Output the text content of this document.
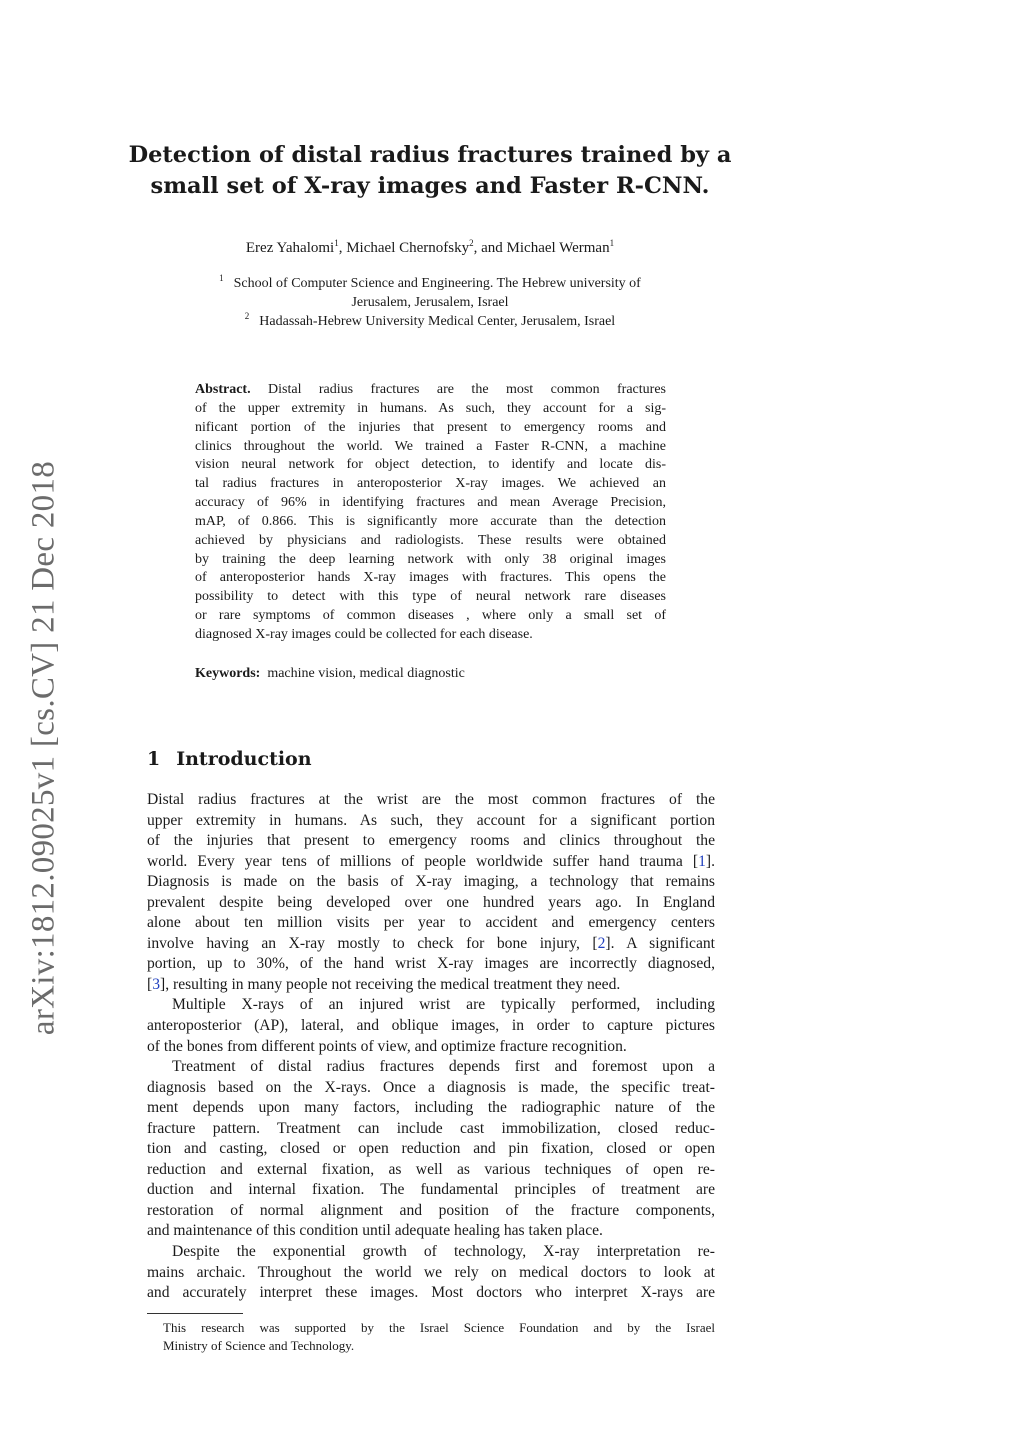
arXiv:1812.09025v1 [cs.CV] 21 Dec 2018
Detection of distal radius fractures trained by a
small set of X-ray images and Faster R-CNN.
Erez Yahalomi$^1$, Michael Chernofsky$^2$, and Michael Werman$^1$
$^1$ School of Computer Science and Engineering. The Hebrew university of
Jerusalem, Jerusalem, Israel
$^2$ Hadassah-Hebrew University Medical Center, Jerusalem, Israel
Abstract. Distal radius fractures are the most common fractures
of the upper extremity in humans. As such, they account for a sig-
nificant portion of the injuries that present to emergency rooms and
clinics throughout the world. We trained a Faster R-CNN, a machine
vision neural network for object detection, to identify and locate dis-
tal radius fractures in anteroposterior X-ray images. We achieved an
accuracy of 96% in identifying fractures and mean Average Precision,
mAP, of 0.866. This is significantly more accurate than the detection
achieved by physicians and radiologists. These results were obtained
by training the deep learning network with only 38 original images
of anteroposterior hands X-ray images with fractures. This opens the
possibility to detect with this type of neural network rare diseases
or rare symptoms of common diseases , where only a small set of
diagnosed X-ray images could be collected for each disease.
Keywords: machine vision, medical diagnostic
1 Introduction
Distal radius fractures at the wrist are the most common fractures of the
upper extremity in humans. As such, they account for a significant portion
of the injuries that present to emergency rooms and clinics throughout the
world. Every year tens of millions of people worldwide suffer hand trauma [1].
Diagnosis is made on the basis of X-ray imaging, a technology that remains
prevalent despite being developed over one hundred years ago. In England
alone about ten million visits per year to accident and emergency centers
involve having an X-ray mostly to check for bone injury, [2]. A significant
portion, up to 30%, of the hand wrist X-ray images are incorrectly diagnosed,
[3], resulting in many people not receiving the medical treatment they need.
Multiple X-rays of an injured wrist are typically performed, including
anteroposterior (AP), lateral, and oblique images, in order to capture pictures
of the bones from different points of view, and optimize fracture recognition.
Treatment of distal radius fractures depends first and foremost upon a
diagnosis based on the X-rays. Once a diagnosis is made, the specific treat-
ment depends upon many factors, including the radiographic nature of the
fracture pattern. Treatment can include cast immobilization, closed reduc-
tion and casting, closed or open reduction and pin fixation, closed or open
reduction and external fixation, as well as various techniques of open re-
duction and internal fixation. The fundamental principles of treatment are
restoration of normal alignment and position of the fracture components,
and maintenance of this condition until adequate healing has taken place.
Despite the exponential growth of technology, X-ray interpretation re-
mains archaic. Throughout the world we rely on medical doctors to look at
and accurately interpret these images. Most doctors who interpret X-rays are
This research was supported by the Israel Science Foundation and by the Israel
Ministry of Science and Technology.
